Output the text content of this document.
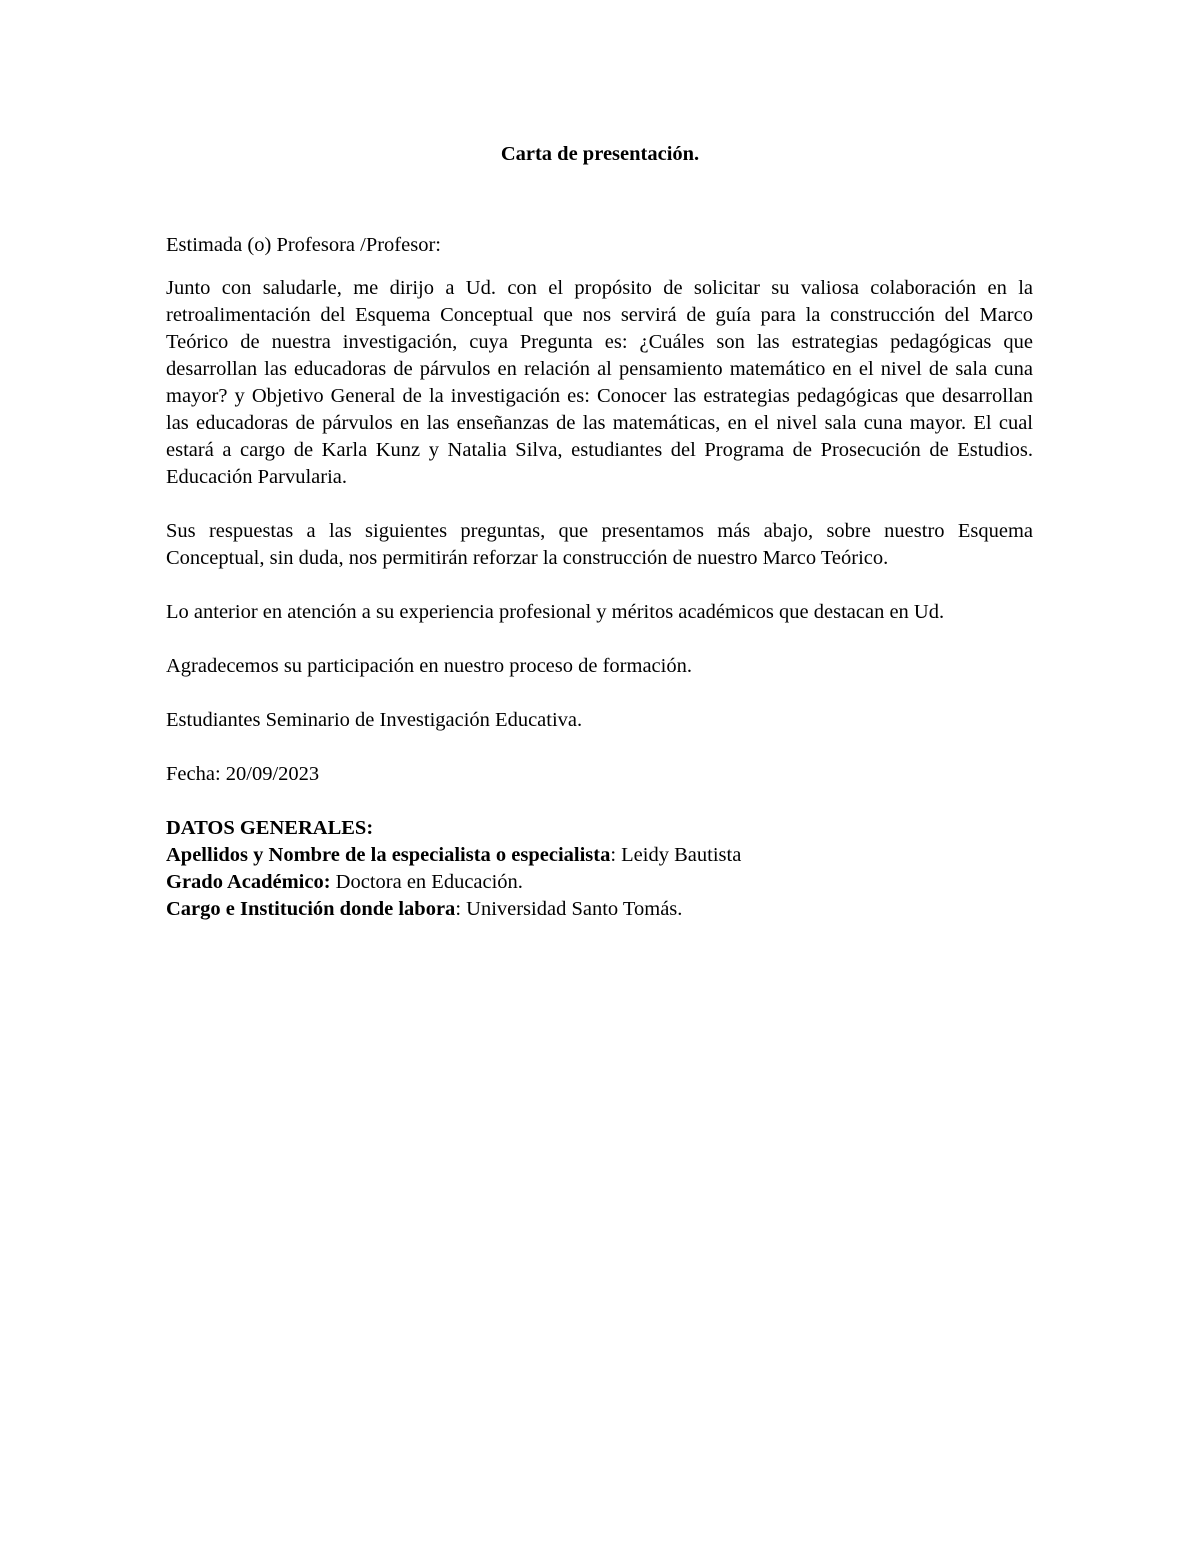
Carta de presentación.

Estimada (o) Profesora /Profesor:

Junto con saludarle, me dirijo a Ud. con el propósito de solicitar su valiosa colaboración en la retroalimentación del Esquema Conceptual que nos servirá de guía para la construcción del Marco Teórico de nuestra investigación, cuya Pregunta es: ¿Cuáles son las estrategias pedagógicas que desarrollan las educadoras de párvulos en relación al pensamiento matemático en el nivel de sala cuna mayor? y Objetivo General de la investigación es: Conocer las estrategias pedagógicas que desarrollan las educadoras de párvulos en las enseñanzas de las matemáticas, en el nivel sala cuna mayor. El cual estará a cargo de Karla Kunz y Natalia Silva, estudiantes del Programa de Prosecución de Estudios. Educación Parvularia.

Sus respuestas a las siguientes preguntas, que presentamos más abajo, sobre nuestro Esquema Conceptual, sin duda, nos permitirán reforzar la construcción de nuestro Marco Teórico.

Lo anterior en atención a su experiencia profesional y méritos académicos que destacan en Ud.

Agradecemos su participación en nuestro proceso de formación.

Estudiantes Seminario de Investigación Educativa.

Fecha: 20/09/2023

DATOS GENERALES:

Apellidos y Nombre de la especialista o especialista: Leidy Bautista

Grado Académico: Doctora en Educación.

Cargo e Institución donde labora: Universidad Santo Tomás.
